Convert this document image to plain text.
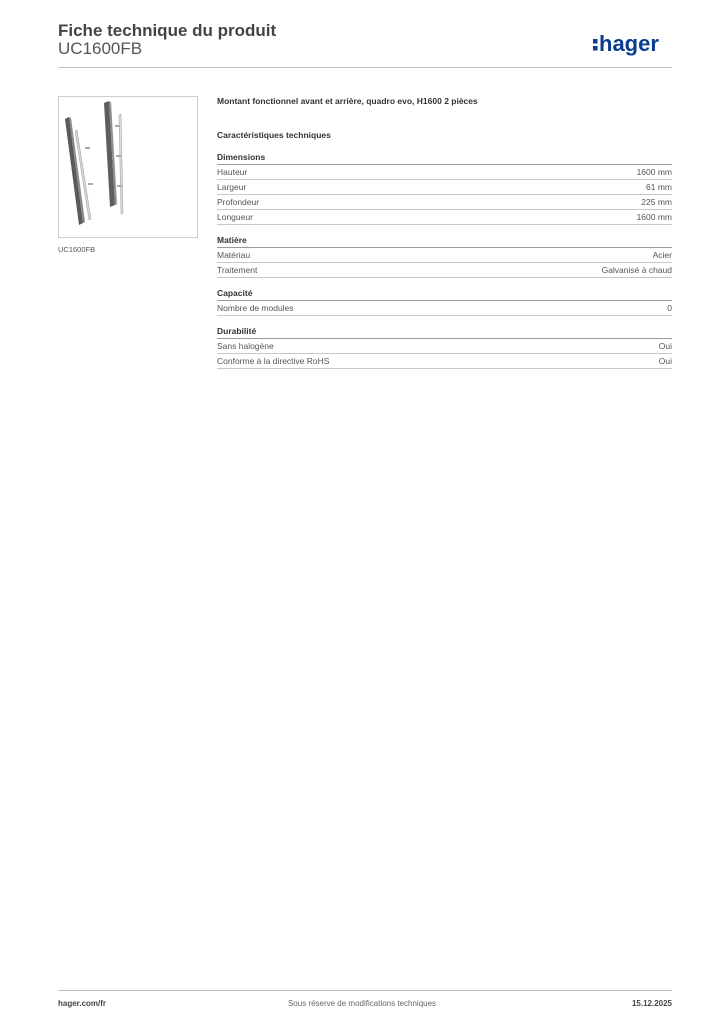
Fiche technique du produit
UC1600FB	hager
UC1600FB
Montant fonctionnel avant et arrière, quadro evo, H1600 2 pièces
Caractéristiques techniques
Dimensions
Hauteur	1600 mm
Largeur	61 mm
Profondeur	225 mm
Longueur	1600 mm
Matière
Matériau	Acier
Traitement	Galvanisé à chaud
Capacité
Nombre de modules	0
Durabilité
Sans halogène	Oui
Conforme à la directive RoHS	Oui
hager.com/fr	Sous réserve de modifications techniques	15.12.2025
